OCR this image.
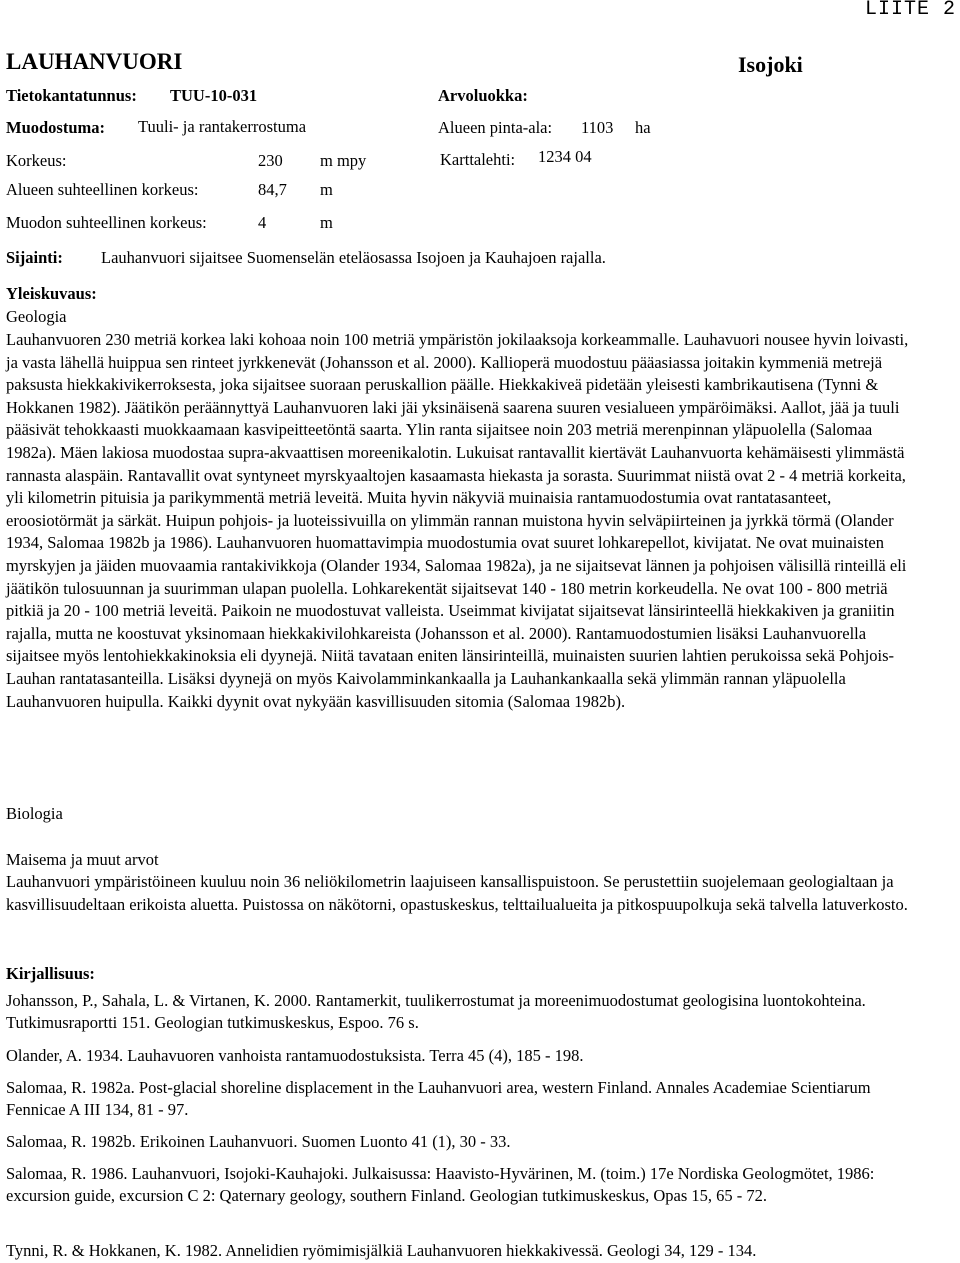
LIITE 2
LAUHANVUORI	Isojoki
Tietokantatunnus: TUU-10-031	Arvoluokka:
Muodostuma: Tuuli- ja rantakerrostuma	Alueen pinta-ala: 1103 ha
Korkeus:	230 m mpy	Karttalehti: 1234 04
Alueen suhteellinen korkeus:	84,7 m
Muodon suhteellinen korkeus:	4	m
Sijainti: Lauhanvuori sijaitsee Suomenselän eteläosassa Isojoen ja Kauhajoen rajalla.
Yleiskuvaus:
Geologia
Lauhanvuoren 230 metriä korkea laki kohoaa noin 100 metriä ympäristön jokilaaksoja korkeammalle. Lauhavuori nousee hyvin loivasti, ja vasta lähellä huippua sen rinteet jyrkkenevät (Johansson et al. 2000). Kallioperä muodostuu pääasiassa joitakin kymmeniä metrejä paksusta hiekkakivikerroksesta, joka sijaitsee suoraan peruskallion päälle. Hiekkakiveä pidetään yleisesti kambrikautisena (Tynni & Hokkanen 1982). Jäätikön peräännyttyä Lauhanvuoren laki jäi yksinäisenä saarena suuren vesialueen ympäröimäksi. Aallot, jää ja tuuli pääsivät tehokkaasti muokkaamaan kasvipeitteetöntä saarta. Ylin ranta sijaitsee noin 203 metriä merenpinnan yläpuolella (Salomaa 1982a). Mäen lakiosa muodostaa supra-akvaattisen moreenikalotin. Lukuisat rantavallit kiertävät Lauhanvuorta kehämäisesti ylimmästä rannasta alaspäin. Rantavallit ovat syntyneet myrskyaaltojen kasaamasta hiekasta ja sorasta. Suurimmat niistä ovat 2 - 4 metriä korkeita, yli kilometrin pituisia ja parikymmentä metriä leveitä. Muita hyvin näkyviä muinaisia rantamuodostumia ovat rantatasanteet, eroosiotörmät ja särkät. Huipun pohjois- ja luoteissivuilla on ylimmän rannan muistona hyvin selväpiirteinen ja jyrkkä törmä (Olander 1934, Salomaa 1982b ja 1986). Lauhanvuoren huomattavimpia muodostumia ovat suuret lohkarepellot, kivijatat. Ne ovat muinaisten myrskyjen ja jäiden muovaamia rantakivikkoja (Olander 1934, Salomaa 1982a), ja ne sijaitsevat lännen ja pohjoisen välisillä rinteillä eli jäätikön tulosuunnan ja suurimman ulapan puolella. Lohkarekentät sijaitsevat 140 - 180 metrin korkeudella. Ne ovat 100 - 800 metriä pitkiä ja 20 - 100 metriä leveitä. Paikoin ne muodostuvat valleista. Useimmat kivijatat sijaitsevat länsirinteellä hiekkakiven ja graniitin rajalla, mutta ne koostuvat yksinomaan hiekkakivilohkareista (Johansson et al. 2000). Rantamuodostumien lisäksi Lauhanvuorella sijaitsee myös lentohiekkakinoksia eli dyynejä. Niitä tavataan eniten länsirinteillä, muinaisten suurien lahtien perukoissa sekä Pohjois-Lauhan rantatasanteilla. Lisäksi dyynejä on myös Kaivolamminkankaalla ja Lauhankankaalla sekä ylimmän rannan yläpuolella Lauhanvuoren huipulla. Kaikki dyynit ovat nykyään kasvillisuuden sitomia (Salomaa 1982b).
Biologia
Maisema ja muut arvot
Lauhanvuori ympäristöineen kuuluu noin 36 neliökilometrin laajuiseen kansallispuistoon. Se perustettiin suojelemaan geologialtaan ja kasvillisuudeltaan erikoista aluetta. Puistossa on näkötorni, opastuskeskus, telttailualueita ja pitkospuupolkuja sekä talvella latuverkosto.
Kirjallisuus:
Johansson, P., Sahala, L. & Virtanen, K. 2000. Rantamerkit, tuulikerrostumat ja moreenimuodostumat geologisina luontokohteina. Tutkimusraportti 151. Geologian tutkimuskeskus, Espoo. 76 s.
Olander, A. 1934. Lauhavuoren vanhoista rantamuodostuksista. Terra 45 (4), 185 - 198.
Salomaa, R. 1982a. Post-glacial shoreline displacement in the Lauhanvuori area, western Finland. Annales Academiae Scientiarum Fennicae A III 134, 81 - 97.
Salomaa, R. 1982b. Erikoinen Lauhanvuori. Suomen Luonto 41 (1), 30 - 33.
Salomaa, R. 1986. Lauhanvuori, Isojoki-Kauhajoki. Julkaisussa: Haavisto-Hyvärinen, M. (toim.) 17e Nordiska Geologmötet, 1986: excursion guide, excursion C 2: Qaternary geology, southern Finland. Geologian tutkimuskeskus, Opas 15, 65 - 72.
Tynni, R. & Hokkanen, K. 1982. Annelidien ryömimisjälkiä Lauhanvuoren hiekkakivessä. Geologi 34, 129 - 134.
